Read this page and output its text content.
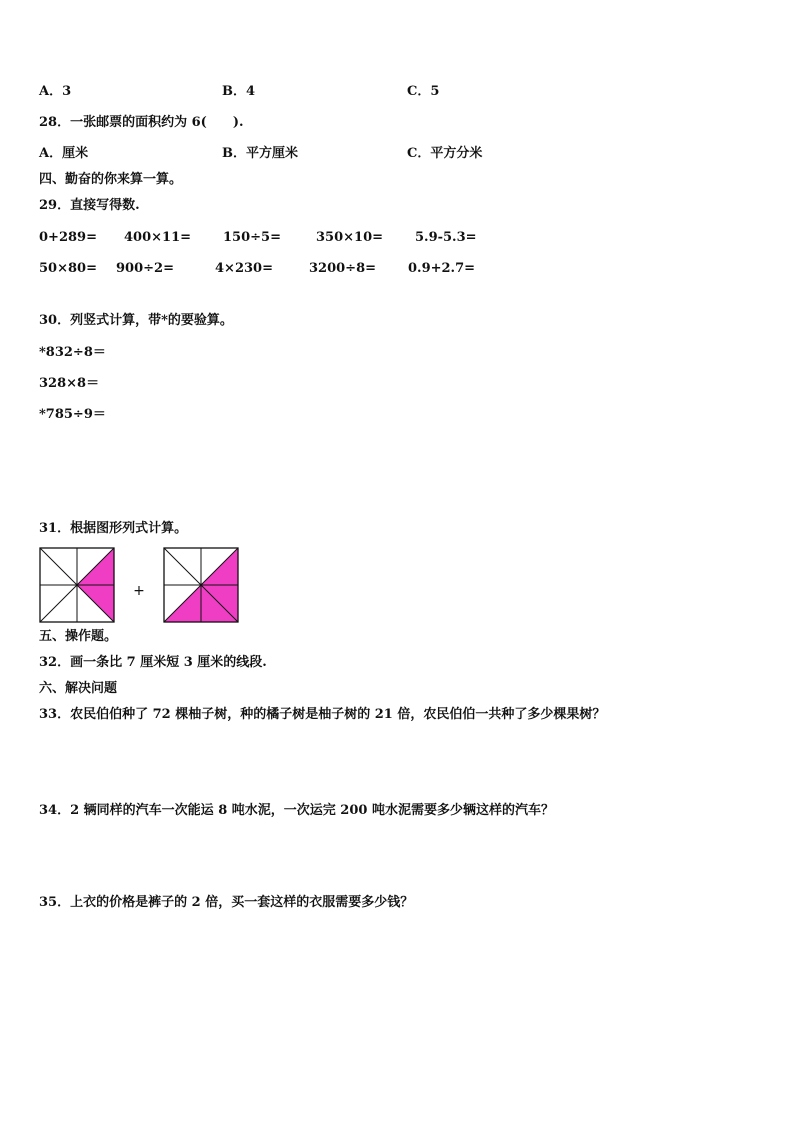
A．3	B．4	C．5
28．一张邮票的面积约为 6(　　).
A．厘米	B．平方厘米	C．平方分米
四、勤奋的你来算一算。
29．直接写得数.
0+289= 400×11= 150÷5=	350×10= 5.9-5.3=
50×80= 900÷2=	4×230=	3200÷8= 0.9+2.7=
30．列竖式计算，带*的要验算。
*832÷8＝
328×8＝
*785÷9＝
31．根据图形列式计算。
+
五、操作题。
32．画一条比 7 厘米短 3 厘米的线段.
六、解决问题
33．农民伯伯种了 72 棵柚子树，种的橘子树是柚子树的 21 倍，农民伯伯一共种了多少棵果树？
34．2 辆同样的汽车一次能运 8 吨水泥，一次运完 200 吨水泥需要多少辆这样的汽车？
35．上衣的价格是裤子的 2 倍，买一套这样的衣服需要多少钱？
